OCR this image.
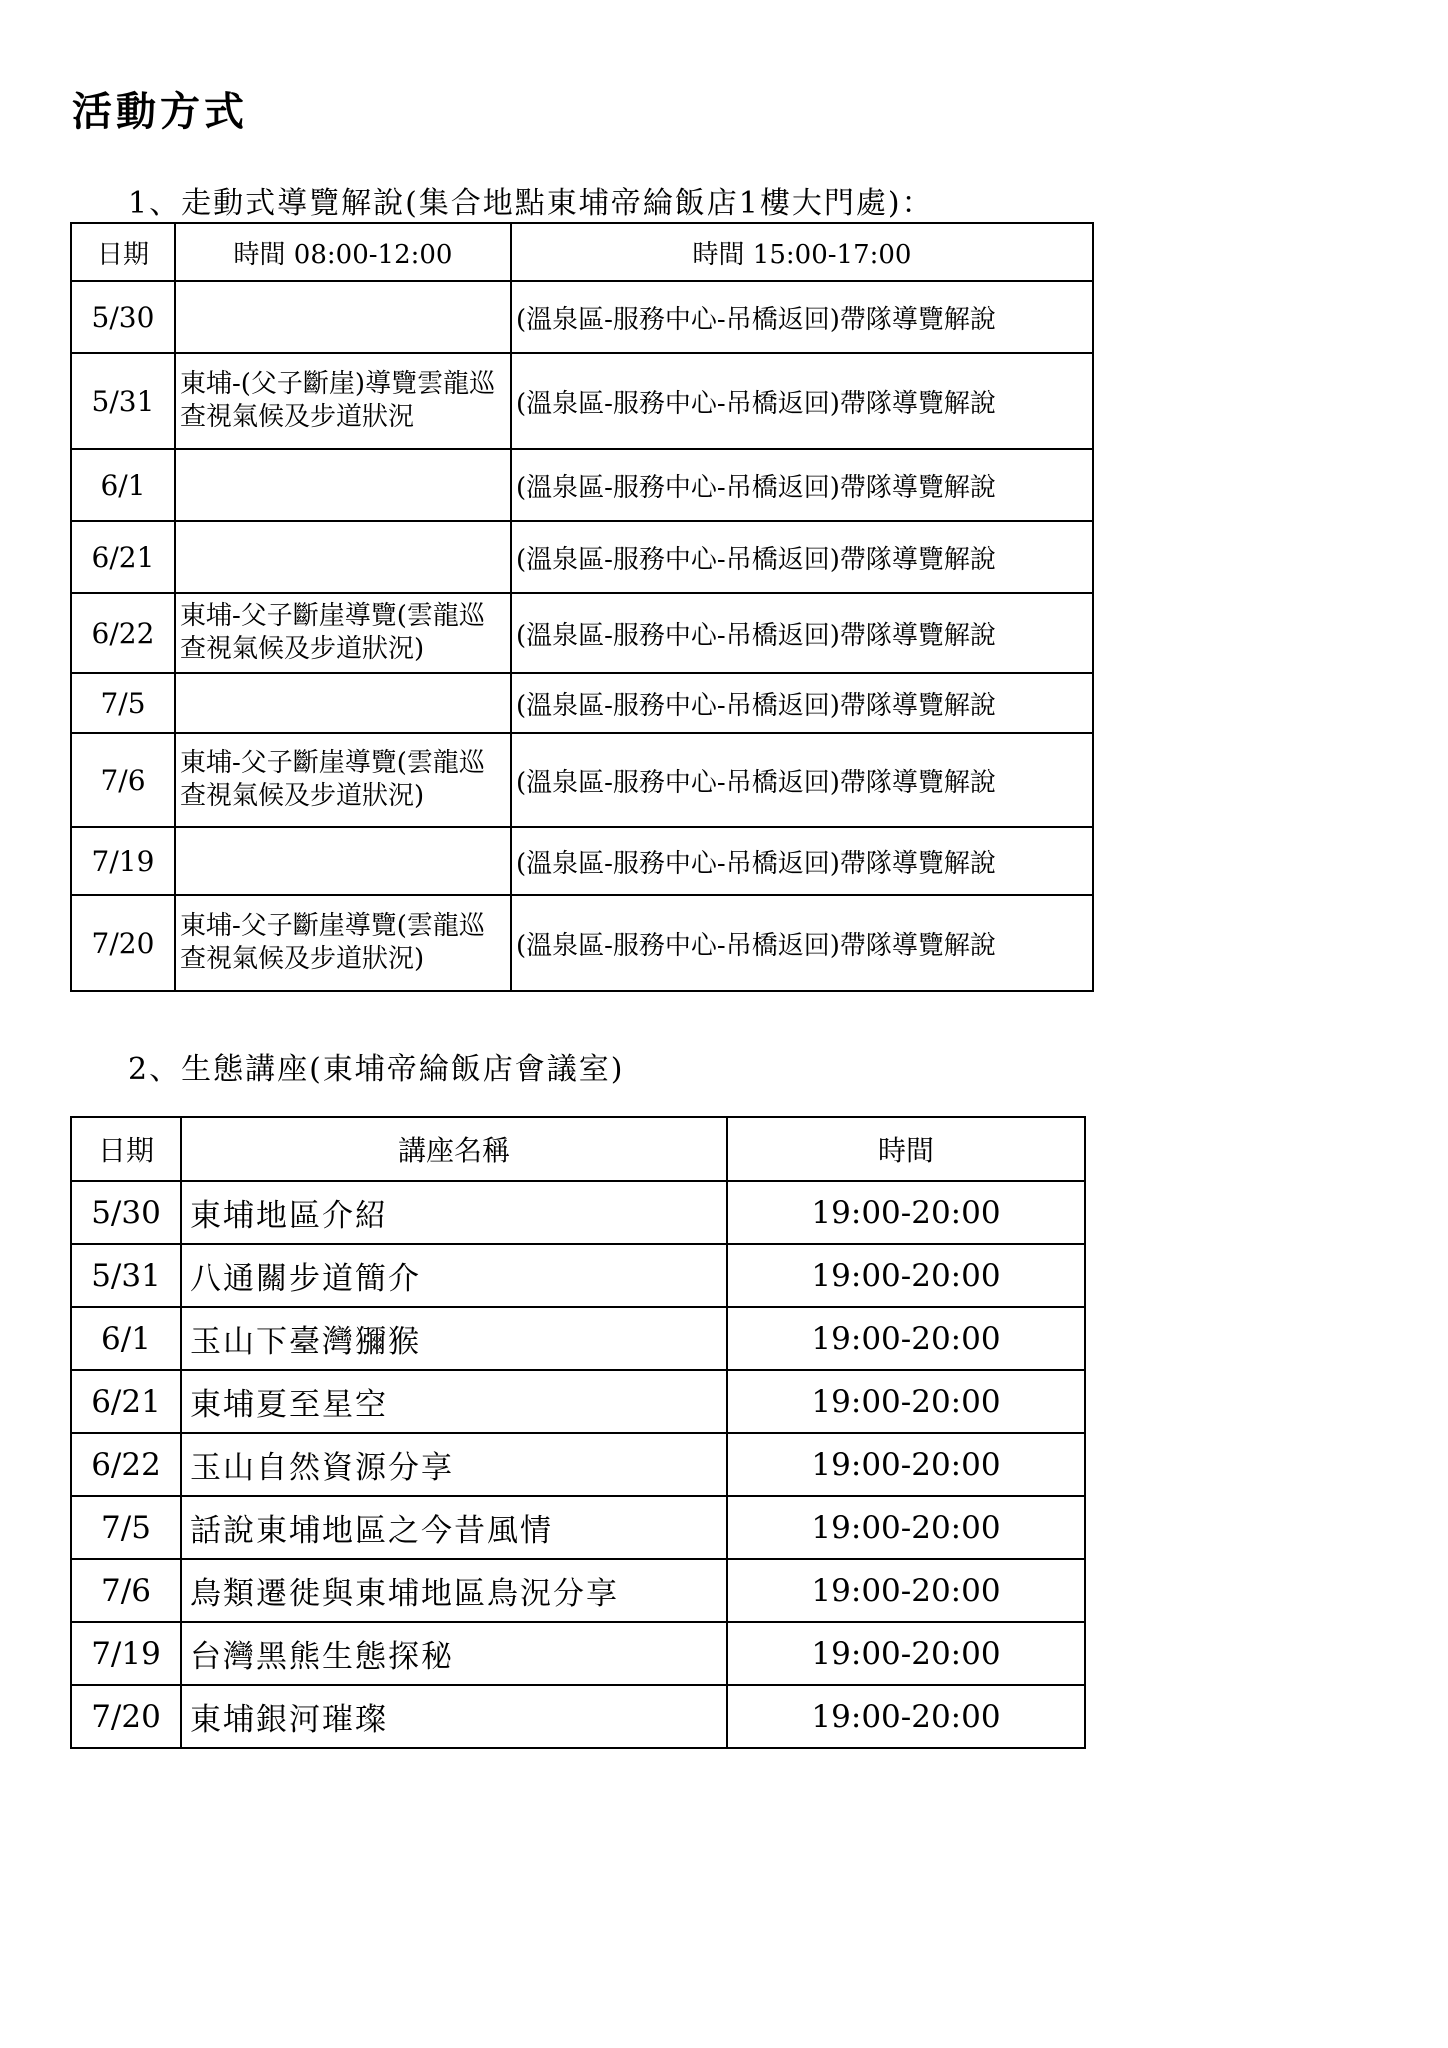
活動方式
1、走動式導覽解說(集合地點東埔帝綸飯店1樓大門處)：
日期	時間 08:00-12:00	時間 15:00-17:00
5/30		(溫泉區-服務中心-吊橋返回)帶隊導覽解說
5/31	東埔-(父子斷崖)導覽雲龍巡查視氣候及步道狀況	(溫泉區-服務中心-吊橋返回)帶隊導覽解說
6/1		(溫泉區-服務中心-吊橋返回)帶隊導覽解說
6/21		(溫泉區-服務中心-吊橋返回)帶隊導覽解說
6/22	東埔-父子斷崖導覽(雲龍巡查視氣候及步道狀況)	(溫泉區-服務中心-吊橋返回)帶隊導覽解說
7/5		(溫泉區-服務中心-吊橋返回)帶隊導覽解說
7/6	東埔-父子斷崖導覽(雲龍巡查視氣候及步道狀況)	(溫泉區-服務中心-吊橋返回)帶隊導覽解說
7/19		(溫泉區-服務中心-吊橋返回)帶隊導覽解說
7/20	東埔-父子斷崖導覽(雲龍巡查視氣候及步道狀況)	(溫泉區-服務中心-吊橋返回)帶隊導覽解說
2、生態講座(東埔帝綸飯店會議室)
日期	講座名稱	時間
5/30	東埔地區介紹	19:00-20:00
5/31	八通關步道簡介	19:00-20:00
6/1	玉山下臺灣獼猴	19:00-20:00
6/21	東埔夏至星空	19:00-20:00
6/22	玉山自然資源分享	19:00-20:00
7/5	話說東埔地區之今昔風情	19:00-20:00
7/6	鳥類遷徙與東埔地區鳥況分享	19:00-20:00
7/19	台灣黑熊生態探秘	19:00-20:00
7/20	東埔銀河璀璨	19:00-20:00
